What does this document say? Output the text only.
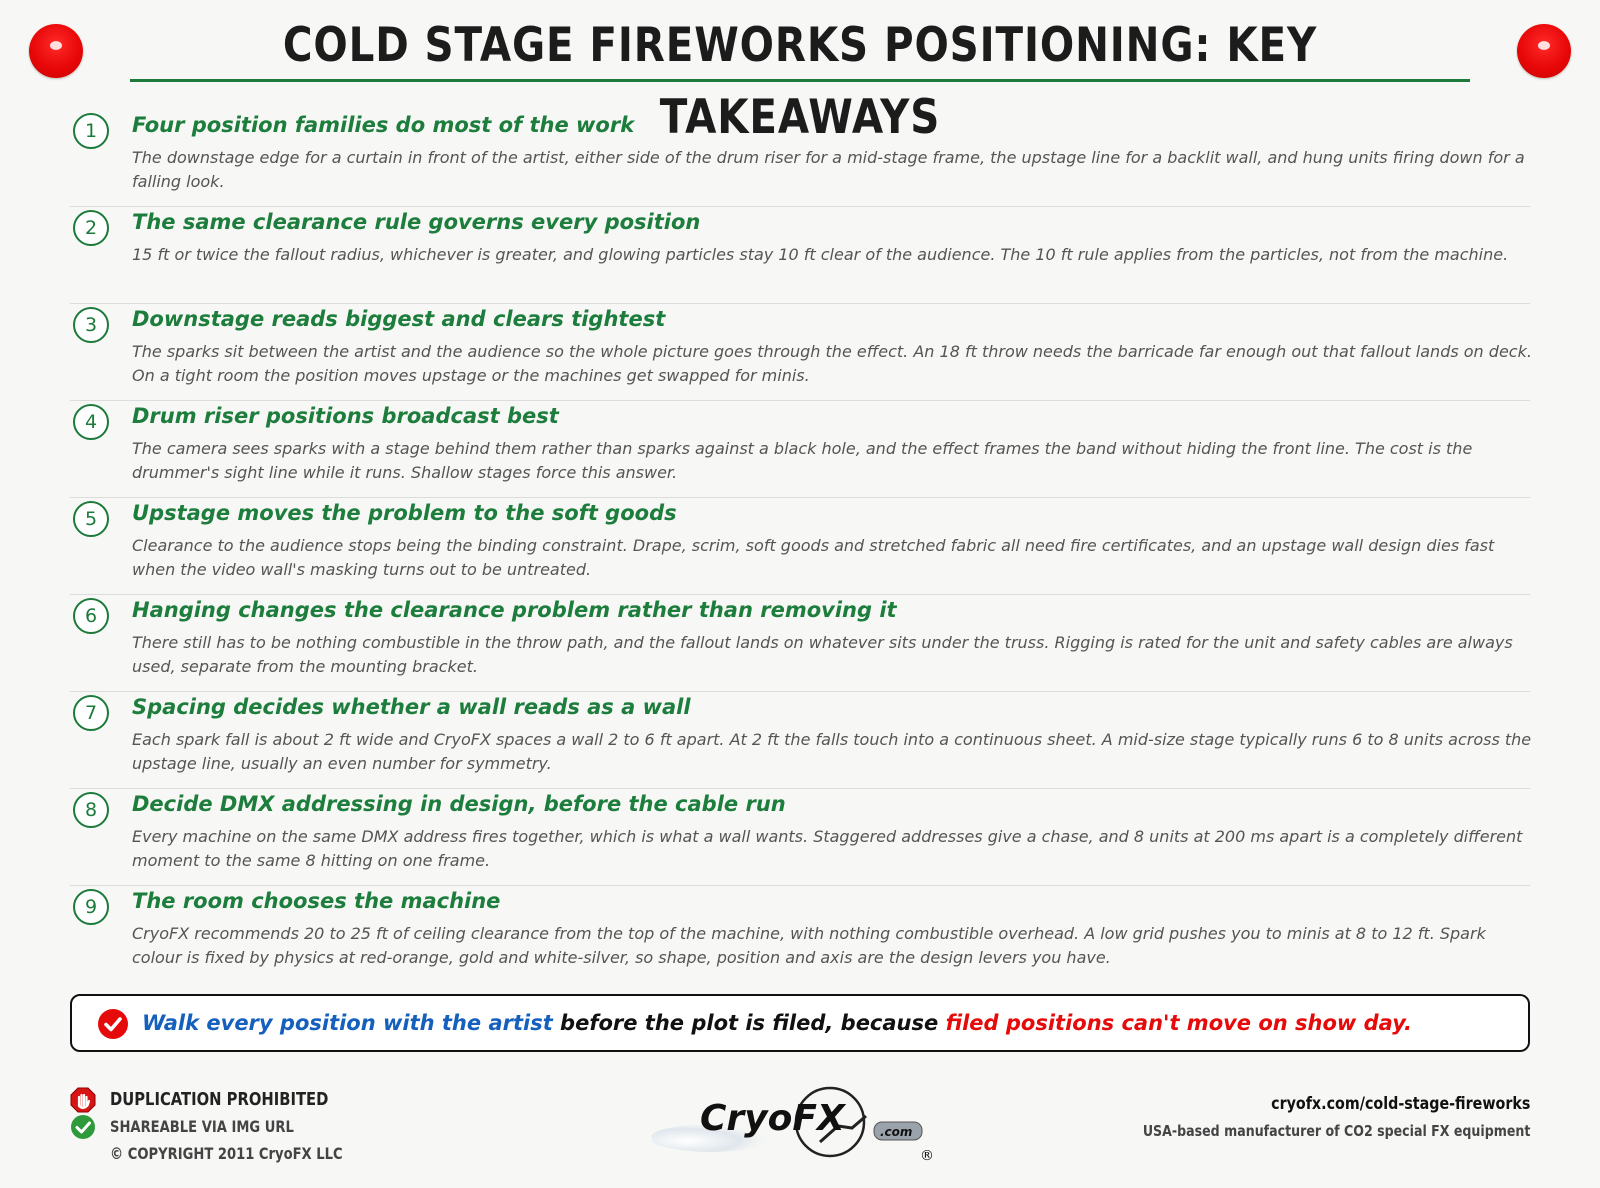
COLD STAGE FIREWORKS POSITIONING: KEY TAKEAWAYS
1	Four position families do most of the work
The downstage edge for a curtain in front of the artist, either side of the drum riser for a mid-stage frame, the upstage line for a backlit wall, and hung units firing down for a falling look.
2	The same clearance rule governs every position
15 ft or twice the fallout radius, whichever is greater, and glowing particles stay 10 ft clear of the audience. The 10 ft rule applies from the particles, not from the machine.
3	Downstage reads biggest and clears tightest
The sparks sit between the artist and the audience so the whole picture goes through the effect. An 18 ft throw needs the barricade far enough out that fallout lands on deck. On a tight room the position moves upstage or the machines get swapped for minis.
4	Drum riser positions broadcast best
The camera sees sparks with a stage behind them rather than sparks against a black hole, and the effect frames the band without hiding the front line. The cost is the drummer's sight line while it runs. Shallow stages force this answer.
5	Upstage moves the problem to the soft goods
Clearance to the audience stops being the binding constraint. Drape, scrim, soft goods and stretched fabric all need fire certificates, and an upstage wall design dies fast when the video wall's masking turns out to be untreated.
6	Hanging changes the clearance problem rather than removing it
There still has to be nothing combustible in the throw path, and the fallout lands on whatever sits under the truss. Rigging is rated for the unit and safety cables are always used, separate from the mounting bracket.
7	Spacing decides whether a wall reads as a wall
Each spark fall is about 2 ft wide and CryoFX spaces a wall 2 to 6 ft apart. At 2 ft the falls touch into a continuous sheet. A mid-size stage typically runs 6 to 8 units across the upstage line, usually an even number for symmetry.
8	Decide DMX addressing in design, before the cable run
Every machine on the same DMX address fires together, which is what a wall wants. Staggered addresses give a chase, and 8 units at 200 ms apart is a completely different moment to the same 8 hitting on one frame.
9	The room chooses the machine
CryoFX recommends 20 to 25 ft of ceiling clearance from the top of the machine, with nothing combustible overhead. A low grid pushes you to minis at 8 to 12 ft. Spark colour is fixed by physics at red-orange, gold and white-silver, so shape, position and axis are the design levers you have.
Walk every position with the artist before the plot is filed, because filed positions can't move on show day.
DUPLICATION PROHIBITED
SHAREABLE VIA IMG URL
© COPYRIGHT 2011 CryoFX LLC
CryoFX	.com
®
cryofx.com/cold-stage-fireworks
USA-based manufacturer of CO2 special FX equipment
